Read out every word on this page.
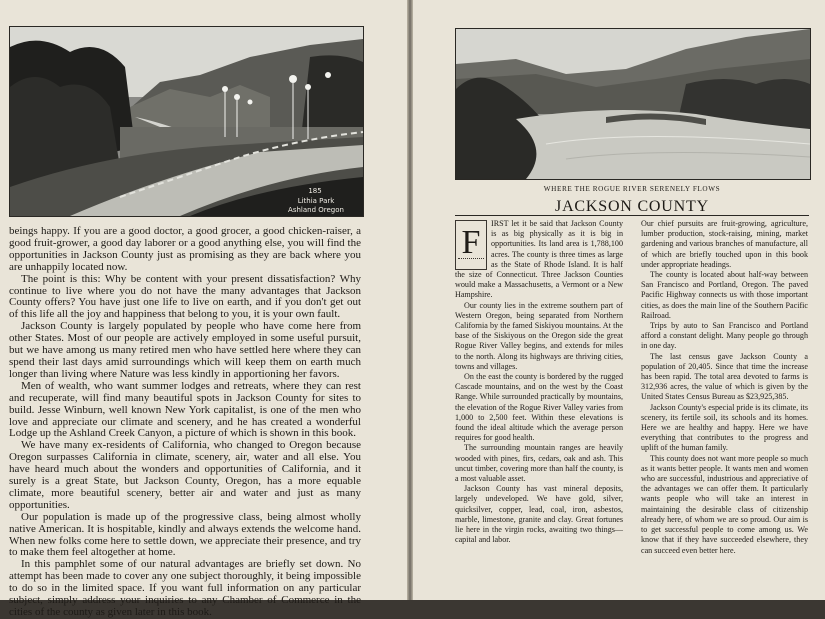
185
Lithia Park
Ashland Oregon

beings happy. If you are a good doctor, a good grocer, a good chicken-raiser, a good fruit-grower, a good day laborer or a good anything else, you will find the opportunities in Jackson County just as promising as they are back where you are unhappily located now.

The point is this: Why be content with your present dissatisfaction? Why continue to live where you do not have the many advantages that Jackson County offers? You have just one life to live on earth, and if you don't get out of this life all the joy and happiness that belong to you, it is your own fault.

Jackson County is largely populated by people who have come here from other States. Most of our people are actively employed in some useful pursuit, but we have among us many retired men who have settled here where they can spend their last days amid surroundings which will keep them on earth much longer than living where Nature was less kindly in apportioning her favors.

Men of wealth, who want summer lodges and retreats, where they can rest and recuperate, will find many beautiful spots in Jackson County for sites to build. Jesse Winburn, well known New York capitalist, is one of the men who love and appreciate our climate and scenery, and he has created a wonderful Lodge up the Ashland Creek Canyon, a picture of which is shown in this book.

We have many ex-residents of California, who changed to Oregon because Oregon surpasses California in climate, scenery, air, water and all else. You have heard much about the wonders and opportunities of California, and it surely is a great State, but Jackson County, Oregon, has a more equable climate, more beautiful scenery, better air and water and just as many opportunities.

Our population is made up of the progressive class, being almost wholly native American. It is hospitable, kindly and always extends the welcome hand. When new folks come here to settle down, we appreciate their presence, and try to make them feel altogether at home.

In this pamphlet some of our natural advantages are briefly set down. No attempt has been made to cover any one subject thoroughly, it being impossible to do so in the limited space. If you want full information on any particular subject, simply address your inquiries to any Chamber of Commerce in the cities of the county as given later in this book.

WHERE THE ROGUE RIVER SERENELY FLOWS
JACKSON COUNTY

F
IRST let it be said that Jackson County is as big physically as it is big in opportunities. Its land area is 1,788,100 acres. The county is three times as large as the State of Rhode Island. It is half the size of Connecticut. Three Jackson Counties would make a Massachusetts, a Vermont or a New Hampshire.

Our county lies in the extreme southern part of Western Oregon, being separated from Northern California by the famed Siskiyou mountains. At the base of the Siskiyous on the Oregon side the great Rogue River Valley begins, and extends for miles to the north. Along its highways are thriving cities, towns and villages.

On the east the county is bordered by the rugged Cascade mountains, and on the west by the Coast Range. While surrounded practically by mountains, the elevation of the Rogue River Valley varies from 1,000 to 2,500 feet. Within these elevations is found the ideal altitude which the average person requires for good health.

The surrounding mountain ranges are heavily wooded with pines, firs, cedars, oak and ash. This uncut timber, covering more than half the county, is a most valuable asset.

Jackson County has vast mineral deposits, largely undeveloped. We have gold, silver, quicksilver, copper, lead, coal, iron, asbestos, marble, limestone, granite and clay. Great fortunes lie here in the virgin rocks, awaiting two things—capital and labor.

Our chief pursuits are fruit-growing, agriculture, lumber production, stock-raising, mining, market gardening and various branches of manufacture, all of which are briefly touched upon in this book under appropriate headings.

The county is located about half-way between San Francisco and Portland, Oregon. The paved Pacific Highway connects us with those important cities, as does the main line of the Southern Pacific Railroad.

Trips by auto to San Francisco and Portland afford a constant delight. Many people go through in one day.

The last census gave Jackson County a population of 20,405. Since that time the increase has been rapid. The total area devoted to farms is 312,936 acres, the value of which is given by the United States Census Bureau as $23,925,385.

Jackson County's especial pride is its climate, its scenery, its fertile soil, its schools and its homes. Here we are healthy and happy. Here we have everything that contributes to the progress and uplift of the human family.

This county does not want more people so much as it wants better people. It wants men and women who are successful, industrious and appreciative of the advantages we can offer them. It particularly wants people who will take an interest in maintaining the desirable class of citizenship already here, of whom we are so proud. Our aim is to get successful people to come among us. We know that if they have succeeded elsewhere, they can succeed even better here.
